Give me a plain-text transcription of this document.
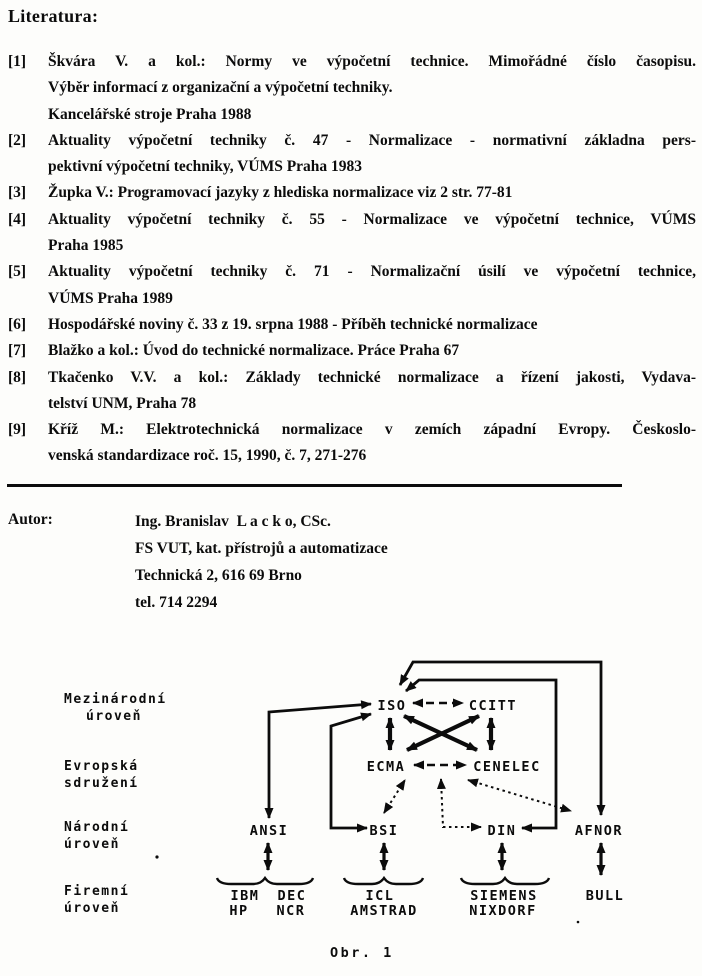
Literatura:
[1]	Škvára V. a kol.: Normy ve výpočetní technice. Mimořádné číslo časopisu.
Výběr informací z organizační a výpočetní techniky.
Kancelářské stroje Praha 1988
[2]	Aktuality výpočetní techniky č. 47 - Normalizace - normativní základna pers-
pektivní výpočetní techniky, VÚMS Praha 1983
[3]	Župka V.: Programovací jazyky z hlediska normalizace viz 2 str. 77-81
[4]	Aktuality výpočetní techniky č. 55 - Normalizace ve výpočetní technice, VÚMS
Praha 1985
[5]	Aktuality výpočetní techniky č. 71 - Normalizační úsilí ve výpočetní technice,
VÚMS Praha 1989
[6]	Hospodářské noviny č. 33 z 19. srpna 1988 - Příběh technické normalizace
[7]	Blažko a kol.: Úvod do technické normalizace. Práce Praha 67
[8]	Tkačenko V.V. a kol.: Základy technické normalizace a řízení jakosti, Vydava-
telství UNM, Praha 78
[9]	Kříž M.: Elektrotechnická normalizace v zemích západní Evropy. Českoslo-
venská standardizace roč. 15, 1990, č. 7, 271-276
Autor:	Ing. Branislav  L a c k o, CSc.
FS VUT, kat. přístrojů a automatizace
Technická 2, 616 69 Brno
tel. 714 2294
Mezinárodní
úroveň
Evropská
sdružení
Národní
úroveň
Firemní
úroveň
ISO	CCITT
ECMA	CENELEC
ANSI	BSI	DIN	AFNOR
IBM DEC
HP NCR
ICL
AMSTRAD
SIEMENS
NIXDORF
BULL
Obr. 1
